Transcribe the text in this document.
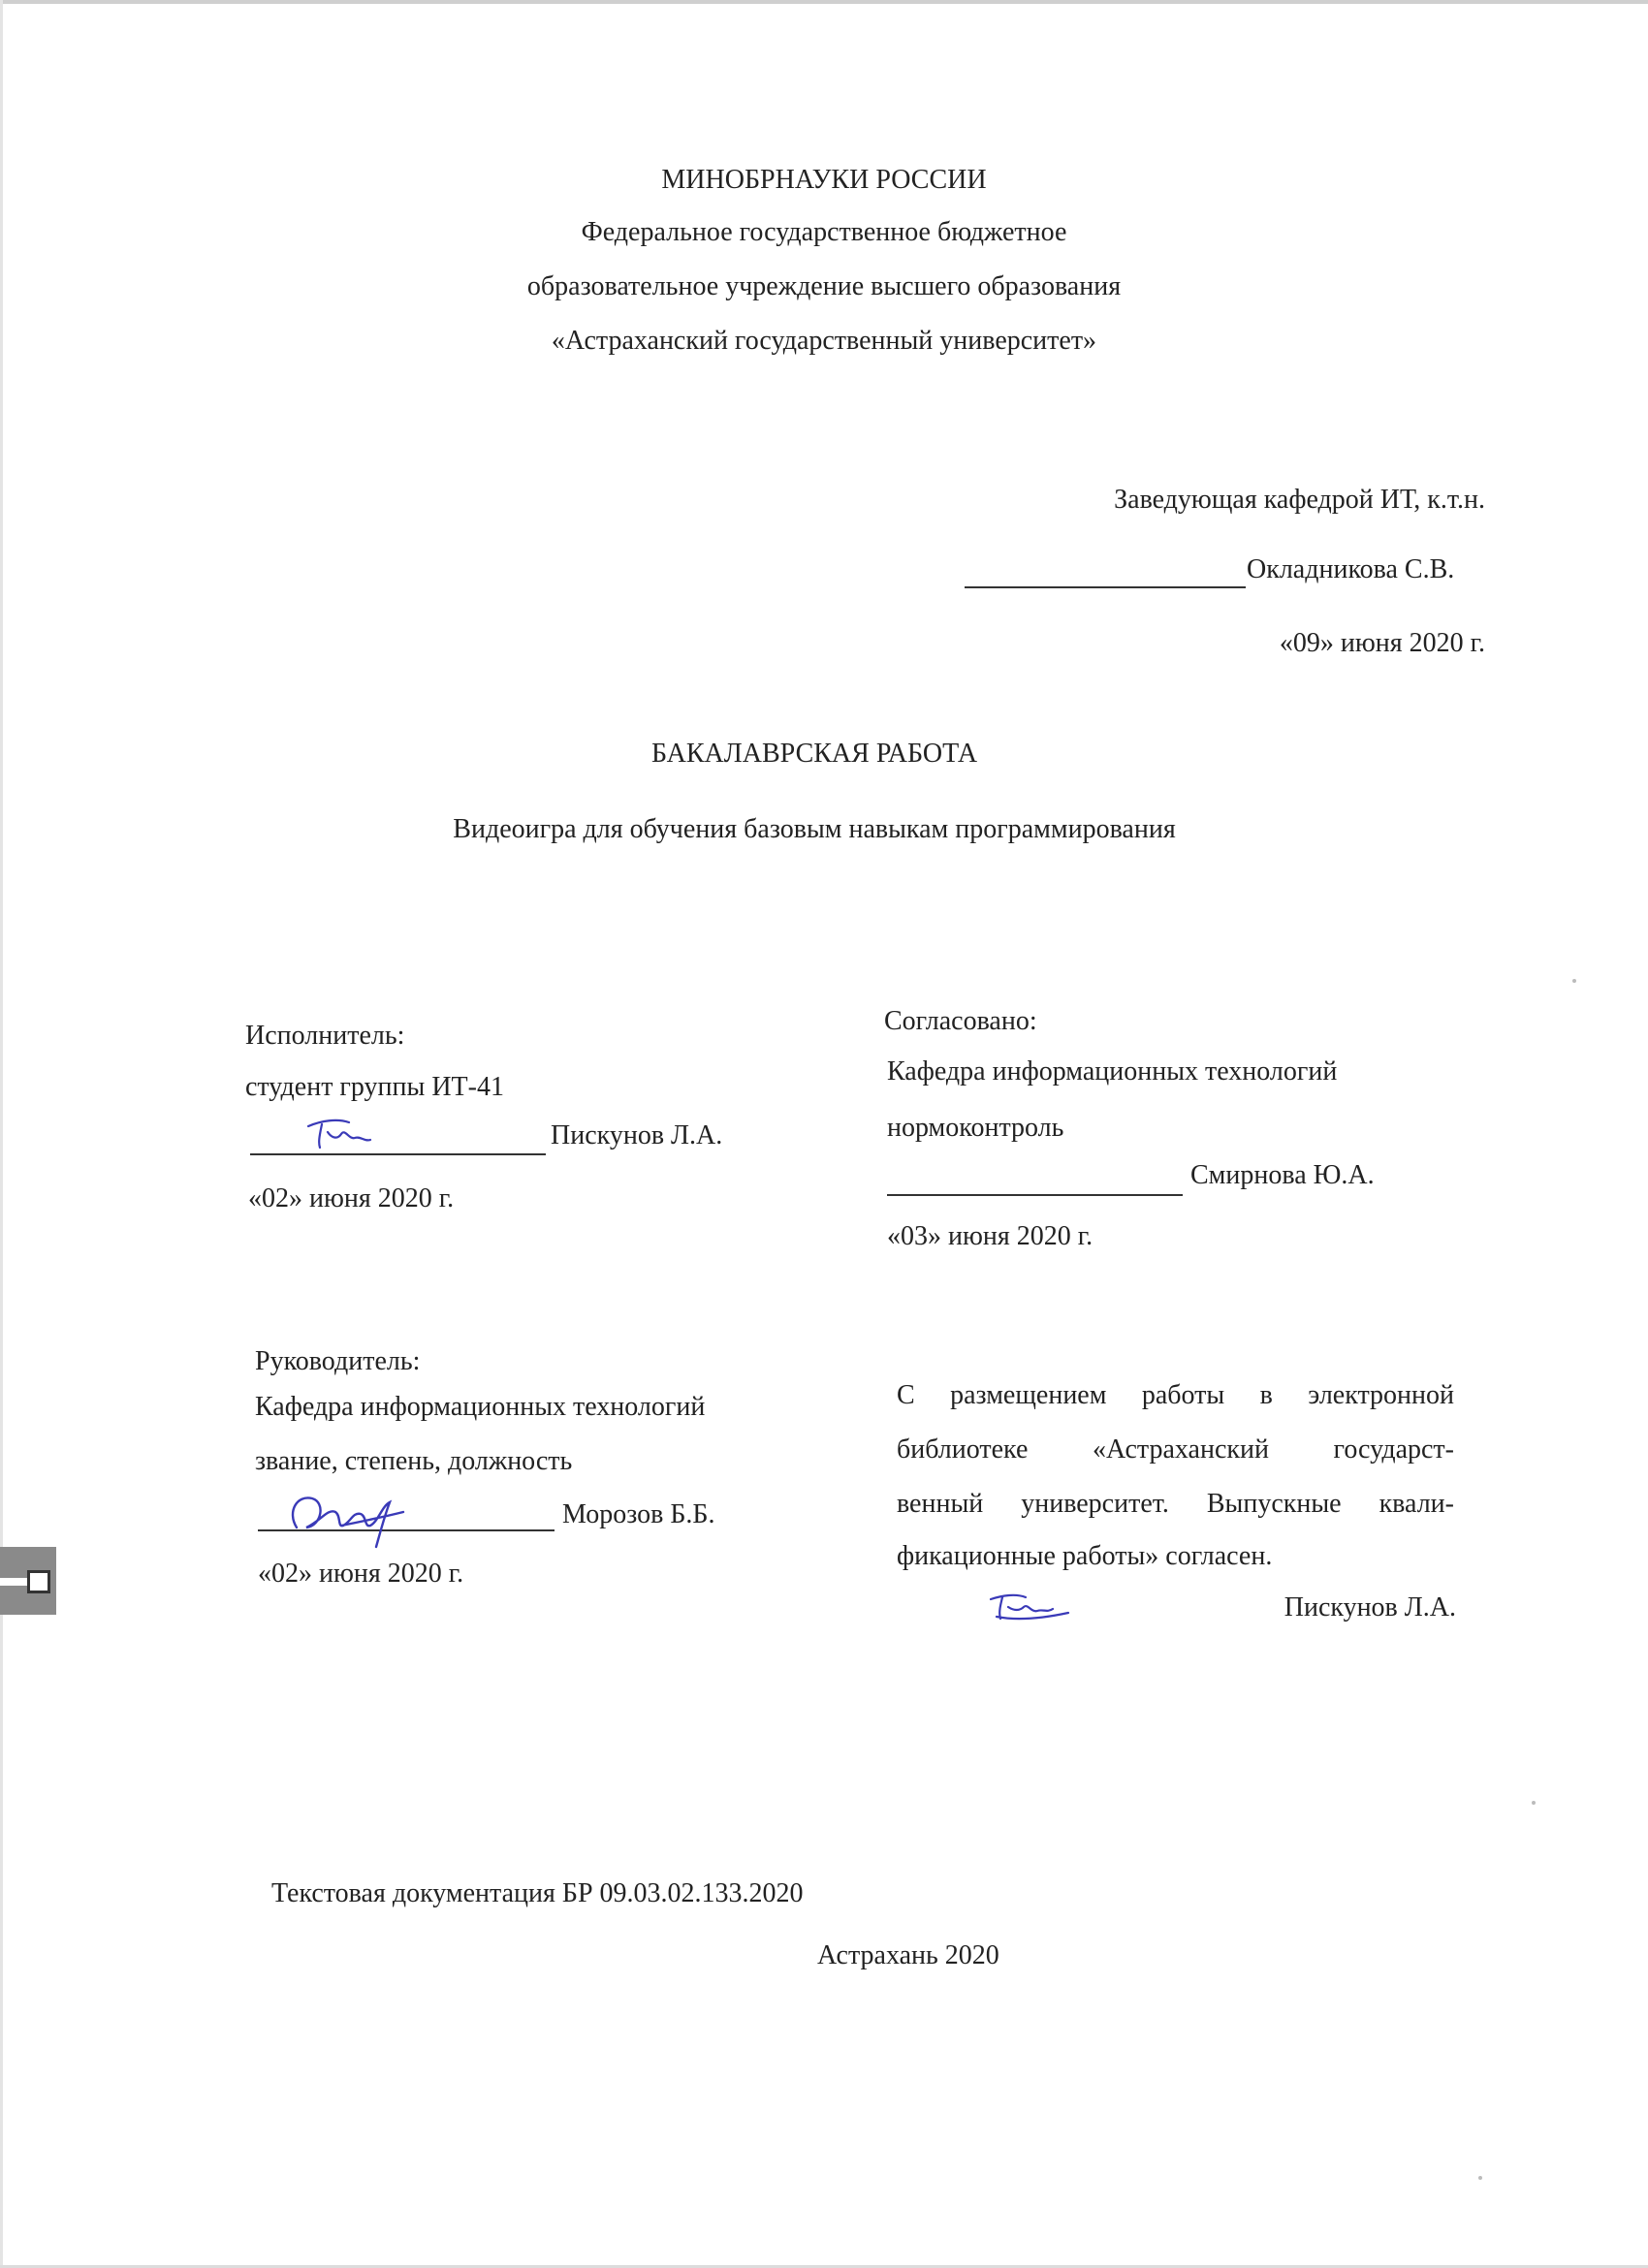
МИНОБРНАУКИ РОССИИ
Федеральное государственное бюджетное
образовательное учреждение высшего образования
«Астраханский государственный университет»
Заведующая кафедрой ИТ, к.т.н.
Окладникова С.В.
«09» июня 2020 г.
БАКАЛАВРСКАЯ РАБОТА
Видеоигра для обучения базовым навыкам программирования
Исполнитель:
студент группы ИТ-41
Пискунов Л.А.
«02» июня 2020 г.
Согласовано:
Кафедра информационных технологий
нормоконтроль
Смирнова Ю.А.
«03» июня 2020 г.
Руководитель:
Кафедра информационных технологий
звание, степень, должность
Морозов Б.Б.
«02» июня 2020 г.
С размещением работы в электронной
библиотеке «Астраханский государст-
венный университет. Выпускные квали-
фикационные работы» согласен.
Пискунов Л.А.
Текстовая документация БР 09.03.02.133.2020
Астрахань 2020
